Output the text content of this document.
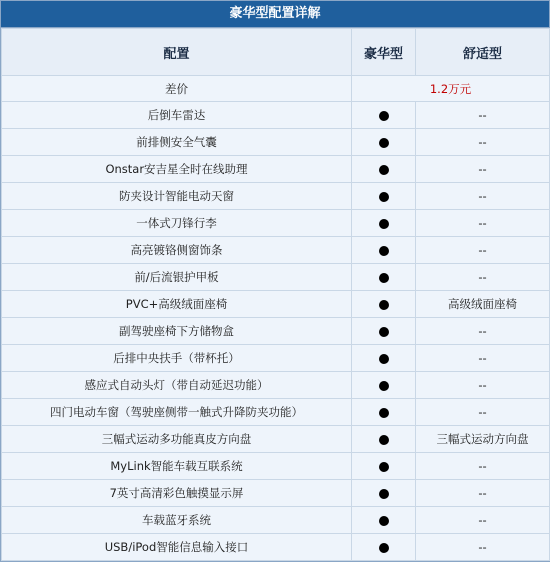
豪华型配置详解
配置	豪华型	舒适型
差价	1.2万元	
后倒车雷达		--
前排侧安全气囊		--
Onstar安吉星全时在线助理		--
防夹设计智能电动天窗		--
一体式刀锋行李		--
高亮镀铬侧窗饰条		--
前/后流银护甲板		--
PVC+高级绒面座椅		高级绒面座椅
副驾驶座椅下方储物盒		--
后排中央扶手（带杯托）		--
感应式自动头灯（带自动延迟功能）		--
四门电动车窗（驾驶座侧带一触式升降防夹功能）		--
三幅式运动多功能真皮方向盘		三幅式运动方向盘
MyLink智能车载互联系统		--
7英寸高清彩色触摸显示屏		--
车载蓝牙系统		--
USB/iPod智能信息输入接口		--
